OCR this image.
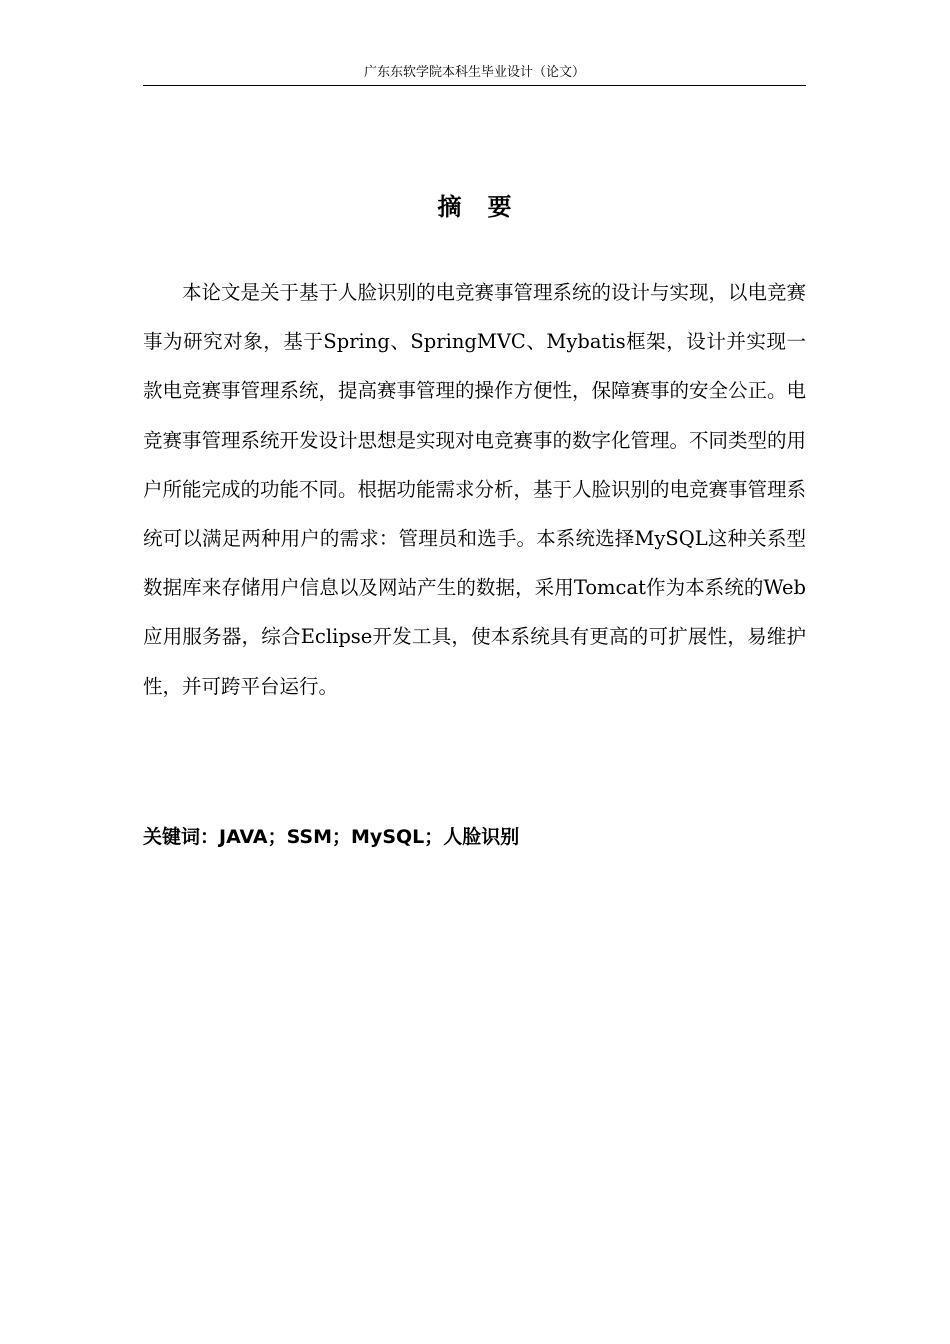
广东东软学院本科生毕业设计（论文）
摘 要

本论文是关于基于人脸识别的电竞赛事管理系统的设计与实现，以电竞赛事为研究对象，基于Spring、SpringMVC、Mybatis框架，设计并实现一款电竞赛事管理系统，提高赛事管理的操作方便性，保障赛事的安全公正。电竞赛事管理系统开发设计思想是实现对电竞赛事的数字化管理。不同类型的用户所能完成的功能不同。根据功能需求分析，基于人脸识别的电竞赛事管理系统可以满足两种用户的需求：管理员和选手。本系统选择MySQL这种关系型数据库来存储用户信息以及网站产生的数据，采用Tomcat作为本系统的Web应用服务器，综合Eclipse开发工具，使本系统具有更高的可扩展性，易维护性，并可跨平台运行。

关键词：JAVA；SSM；MySQL；人脸识别
